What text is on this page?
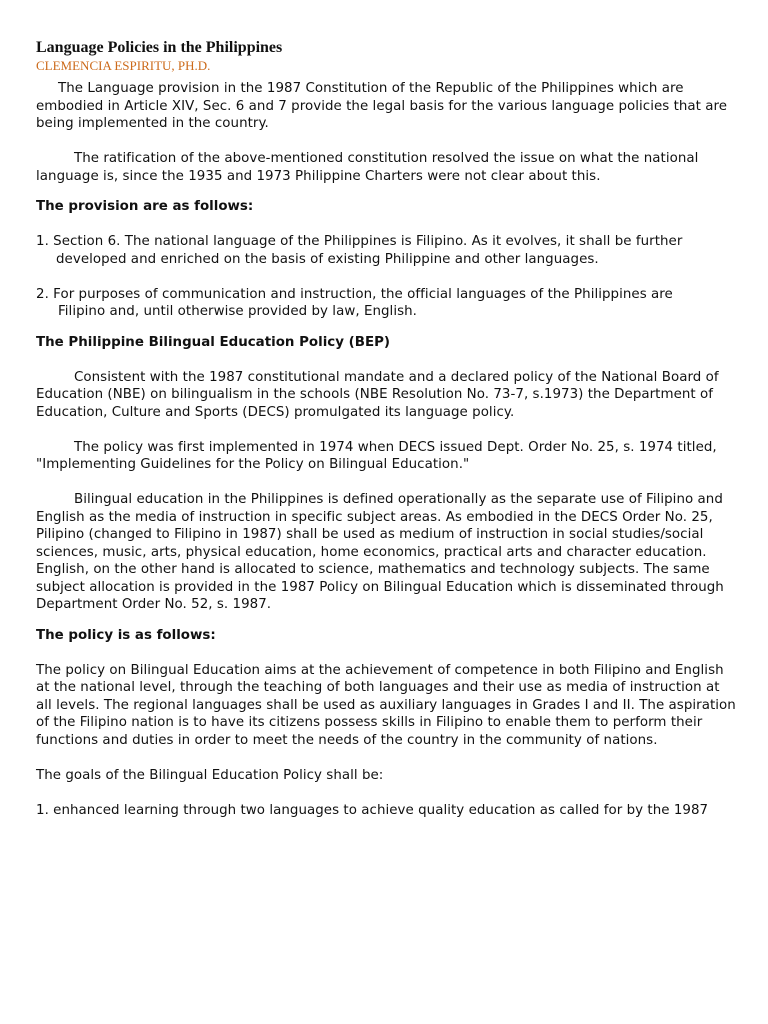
Language Policies in the Philippines
CLEMENCIA ESPIRITU, PH.D.

The Language provision in the 1987 Constitution of the Republic of the Philippines which are embodied in Article XIV, Sec. 6 and 7 provide the legal basis for the various language policies that are being implemented in the country.

The ratification of the above-mentioned constitution resolved the issue on what the national language is, since the 1935 and 1973 Philippine Charters were not clear about this.

The provision are as follows:

1. Section 6. The national language of the Philippines is Filipino. As it evolves, it shall be further

developed and enriched on the basis of existing Philippine and other languages.

2. For purposes of communication and instruction, the official languages of the Philippines are

Filipino and, until otherwise provided by law, English.

The Philippine Bilingual Education Policy (BEP)

Consistent with the 1987 constitutional mandate and a declared policy of the National Board of Education (NBE) on bilingualism in the schools (NBE Resolution No. 73-7, s.1973) the Department of Education, Culture and Sports (DECS) promulgated its language policy.

The policy was first implemented in 1974 when DECS issued Dept. Order No. 25, s. 1974 titled, "Implementing Guidelines for the Policy on Bilingual Education."

Bilingual education in the Philippines is defined operationally as the separate use of Filipino and English as the media of instruction in specific subject areas. As embodied in the DECS Order No. 25, Pilipino (changed to Filipino in 1987) shall be used as medium of instruction in social studies/social sciences, music, arts, physical education, home economics, practical arts and character education. English, on the other hand is allocated to science, mathematics and technology subjects. The same subject allocation is provided in the 1987 Policy on Bilingual Education which is disseminated through Department Order No. 52, s. 1987.

The policy is as follows:

The policy on Bilingual Education aims at the achievement of competence in both Filipino and English at the national level, through the teaching of both languages and their use as media of instruction at all levels. The regional languages shall be used as auxiliary languages in Grades I and II. The aspiration of the Filipino nation is to have its citizens possess skills in Filipino to enable them to perform their functions and duties in order to meet the needs of the country in the community of nations.

The goals of the Bilingual Education Policy shall be:

1. enhanced learning through two languages to achieve quality education as called for by the 1987
